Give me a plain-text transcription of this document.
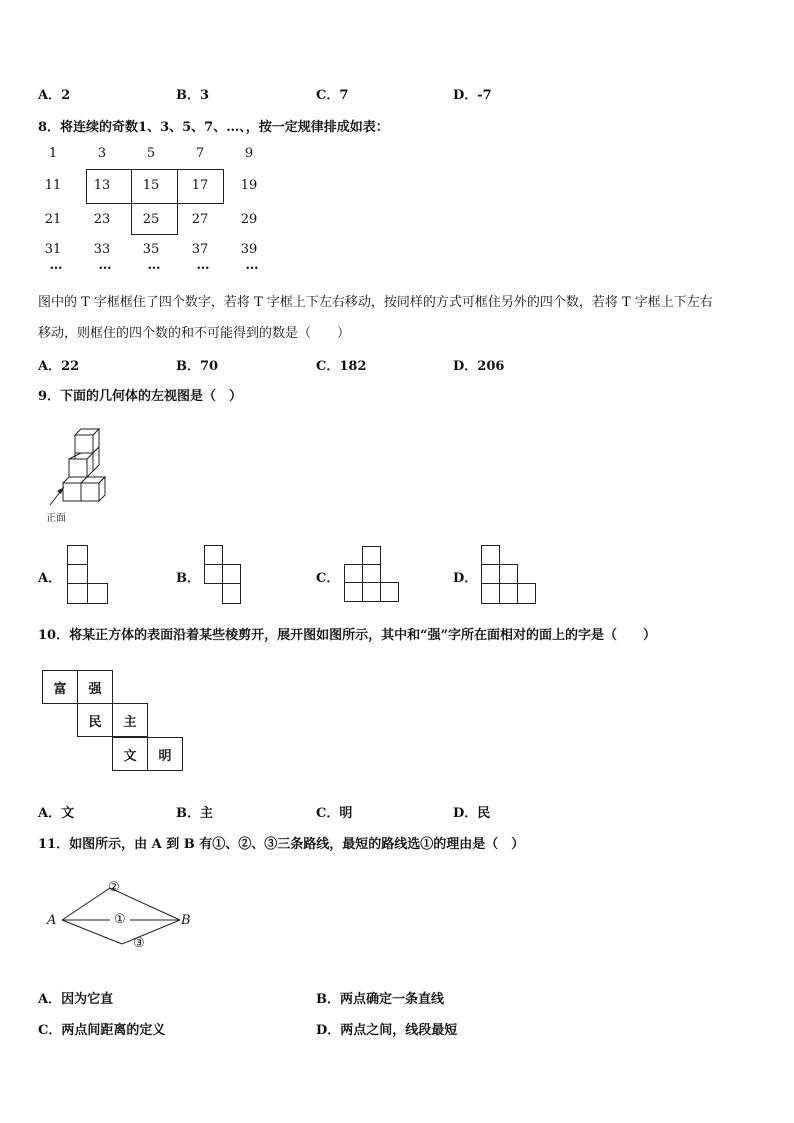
A．2	B．3	C．7	D．-7
8．将连续的奇数1、3、5、7、…、，按一定规律排成如表：
1	3	5	7	9
11	13	15	17	19
21	23	25	27	29
31	33	35	37	39
…	…	…	…	…
图中的 T 字框框住了四个数字，若将 T 字框上下左右移动，按同样的方式可框住另外的四个数，若将 T 字框上下左右
移动，则框住的四个数的和不可能得到的数是（　　）
A．22	B．70	C．182	D．206
9．下面的几何体的左视图是（　）
正面
A．	B．	C．	D．
10．将某正方体的表面沿着某些棱剪开，展开图如图所示，其中和“强”字所在面相对的面上的字是（　　）
富	强
民	主
文	明
A．文	B．主	C．明	D．民
11．如图所示，由 A 到 B 有①、②、③三条路线，最短的路线选①的理由是（　）
A	B
②
①
③
A．因为它直	B．两点确定一条直线
C．两点间距离的定义	D．两点之间，线段最短
